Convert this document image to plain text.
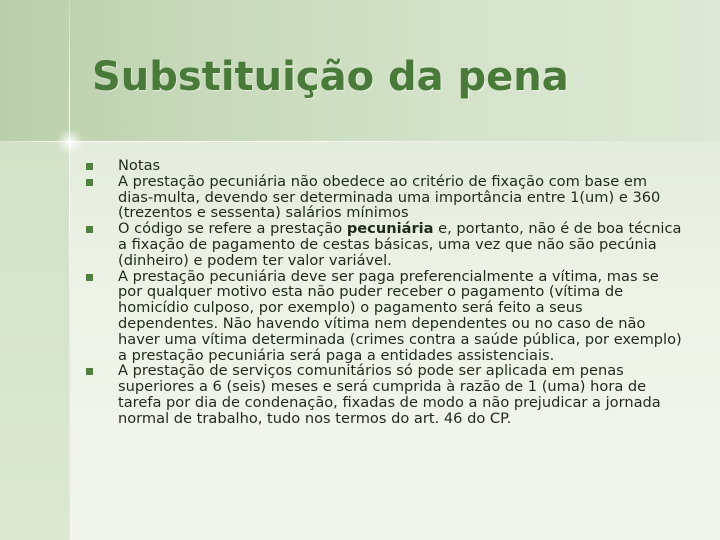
Substituição da pena
Notas
A prestação pecuniária não obedece ao critério de fixação com base em dias-multa, devendo ser determinada uma importância entre 1(um) e 360 (trezentos e sessenta) salários mínimos
O código se refere a prestação pecuniária e, portanto, não é de boa técnica a fixação de pagamento de cestas básicas, uma vez que não são pecúnia (dinheiro) e podem ter valor variável.
A prestação pecuniária deve ser paga preferencialmente a vítima, mas se por qualquer motivo esta não puder receber o pagamento (vítima de homicídio culposo, por exemplo) o pagamento será feito a seus dependentes. Não havendo vítima nem dependentes ou no caso de não haver uma vítima determinada (crimes contra a saúde pública, por exemplo) a prestação pecuniária será paga a entidades assistenciais.
A prestação de serviços comunitários só pode ser aplicada em penas superiores a 6 (seis) meses e será cumprida à razão de 1 (uma) hora de tarefa por dia de condenação, fixadas de modo a não prejudicar a jornada normal de trabalho, tudo nos termos do art. 46 do CP.
